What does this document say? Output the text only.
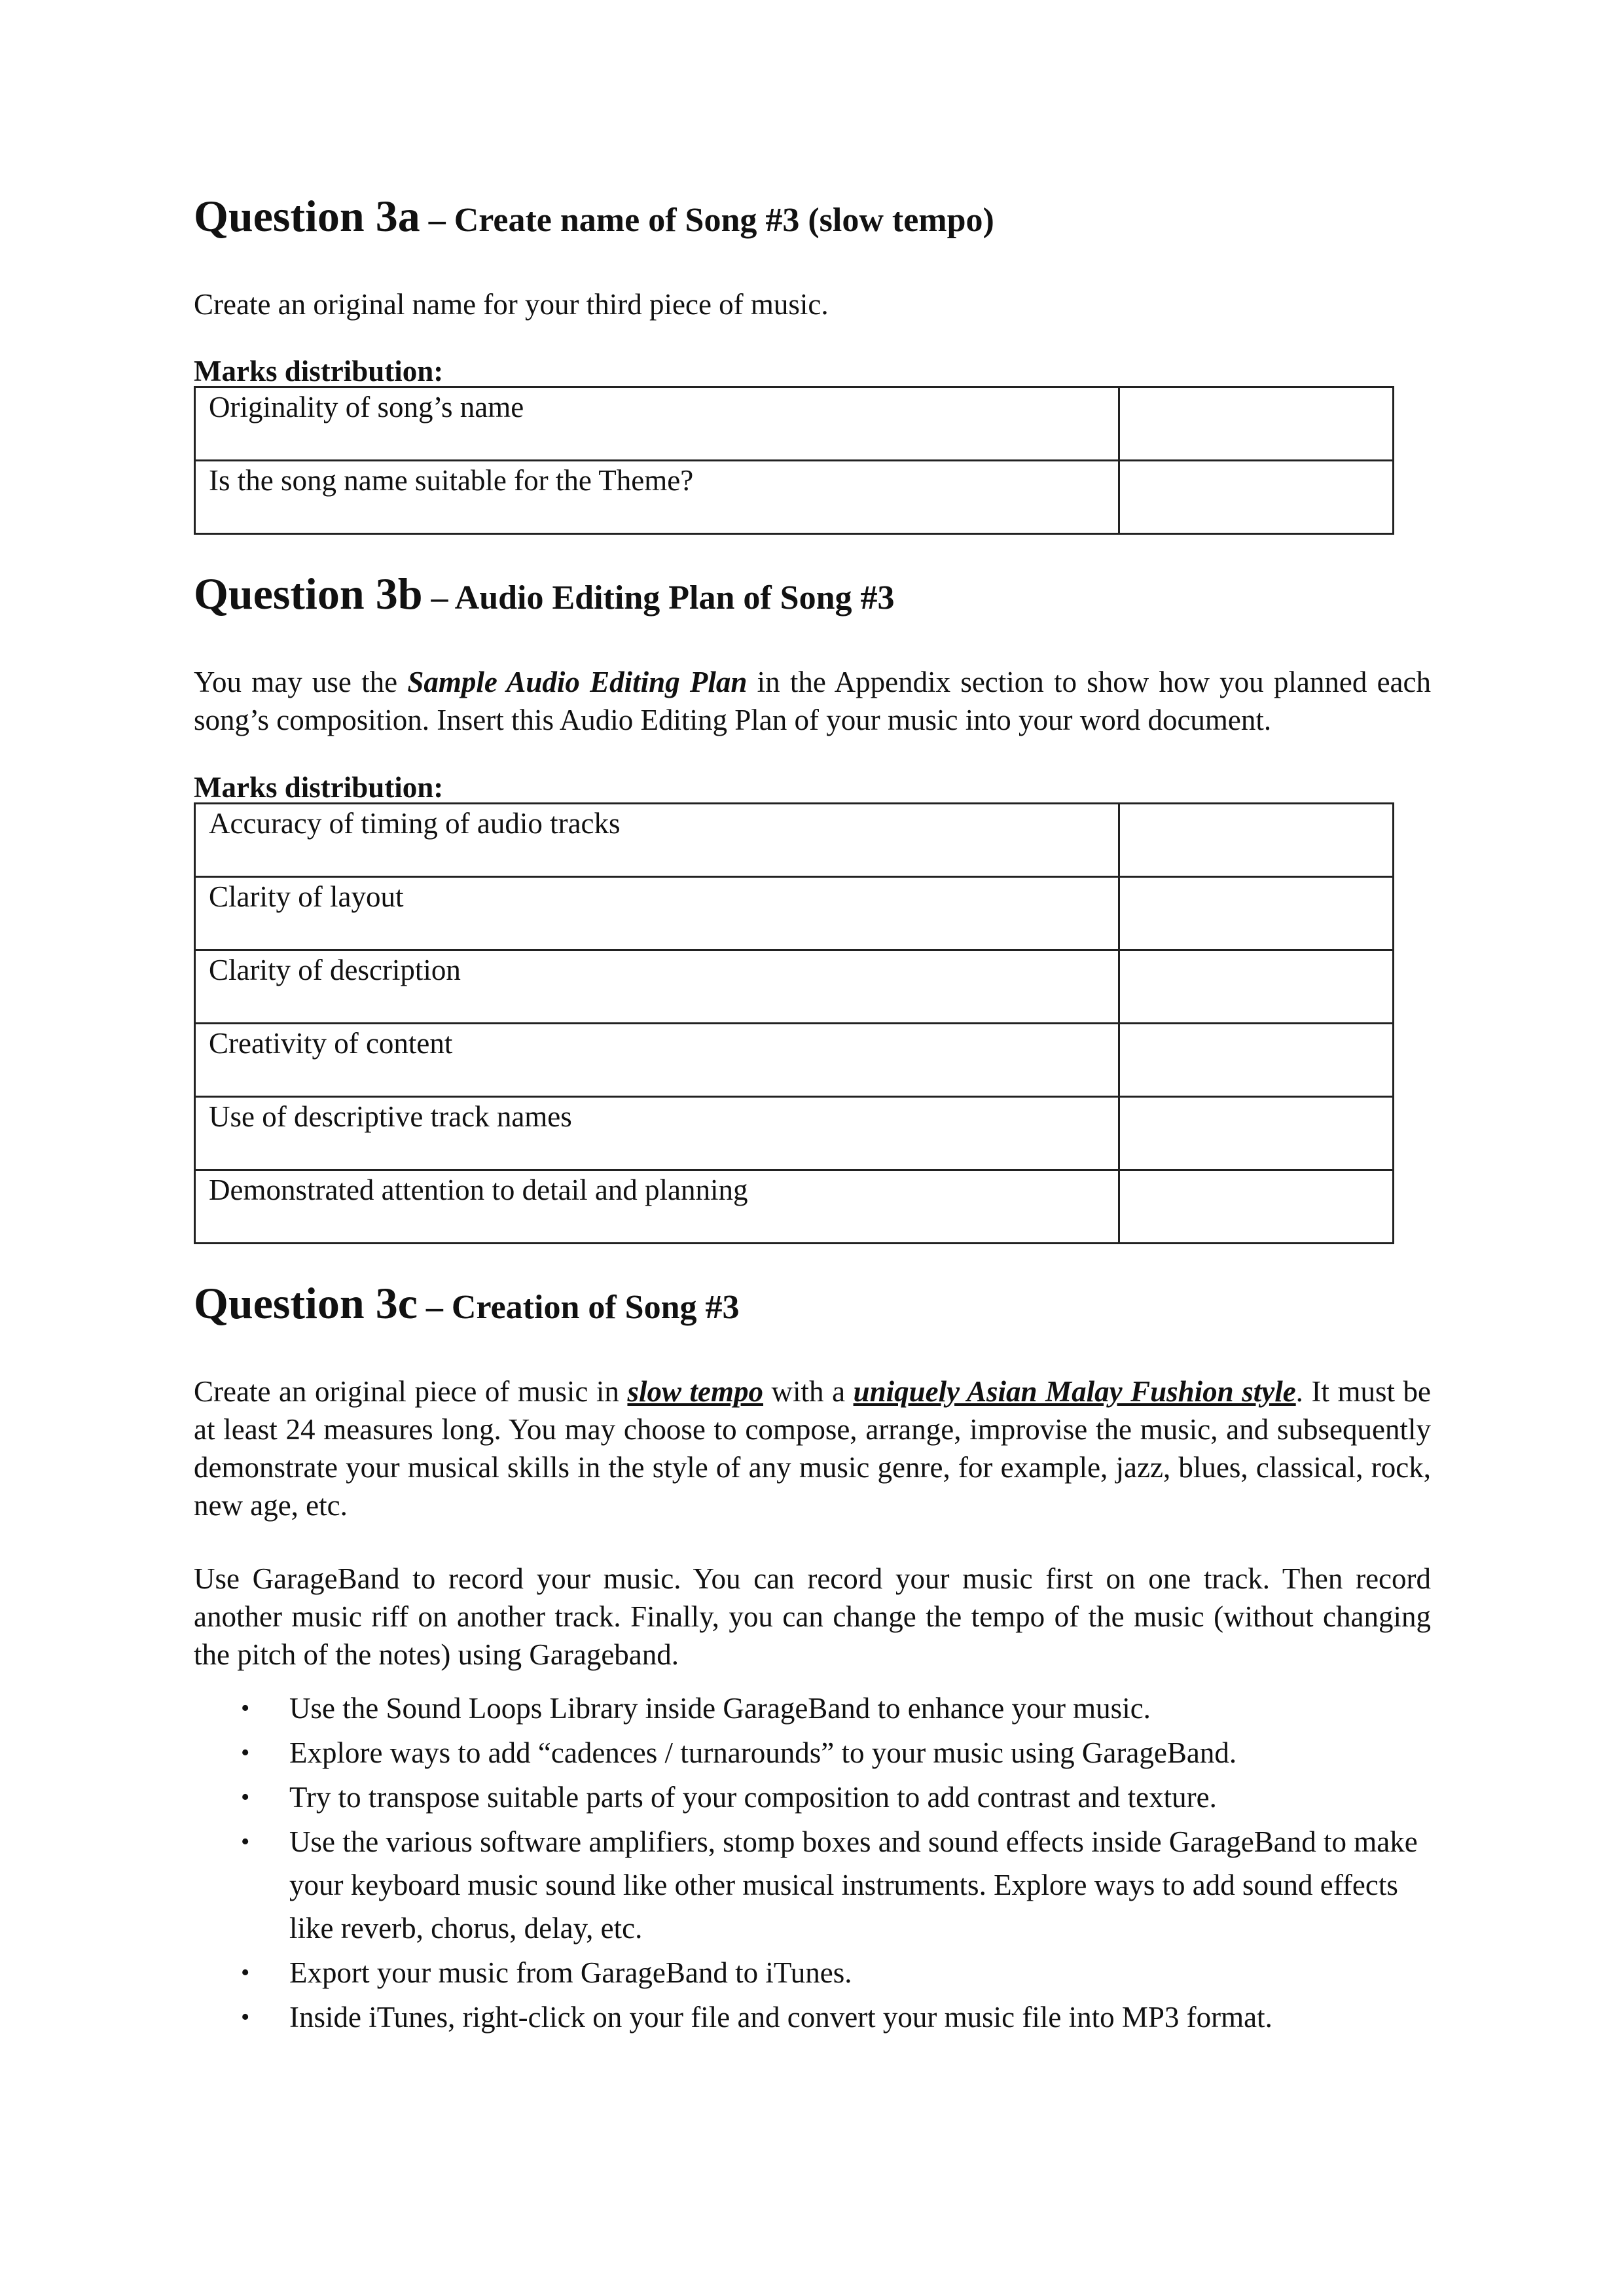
Question 3a – Create name of Song #3 (slow tempo)

Create an original name for your third piece of music.

Marks distribution:

Originality of song’s name	
Is the song name suitable for the Theme?	
Question 3b – Audio Editing Plan of Song #3

You may use the Sample Audio Editing Plan in the Appendix section to show how you planned each song’s composition. Insert this Audio Editing Plan of your music into your word document.

Marks distribution:

Accuracy of timing of audio tracks	
Clarity of layout	
Clarity of description	
Creativity of content	
Use of descriptive track names	
Demonstrated attention to detail and planning	
Question 3c – Creation of Song #3

Create an original piece of music in slow tempo with a uniquely Asian Malay Fushion style. It must be at least 24 measures long. You may choose to compose, arrange, improvise the music, and subsequently demonstrate your musical skills in the style of any music genre, for example, jazz, blues, classical, rock, new age, etc.

Use GarageBand to record your music. You can record your music first on one track. Then record another music riff on another track. Finally, you can change the tempo of the music (without changing the pitch of the notes) using Garageband.

• Use the Sound Loops Library inside GarageBand to enhance your music.
• Explore ways to add “cadences / turnarounds” to your music using GarageBand.
• Try to transpose suitable parts of your composition to add contrast and texture.
• Use the various software amplifiers, stomp boxes and sound effects inside GarageBand to make your keyboard music sound like other musical instruments. Explore ways to add sound effects like reverb, chorus, delay, etc.
• Export your music from GarageBand to iTunes.
• Inside iTunes, right-click on your file and convert your music file into MP3 format.
